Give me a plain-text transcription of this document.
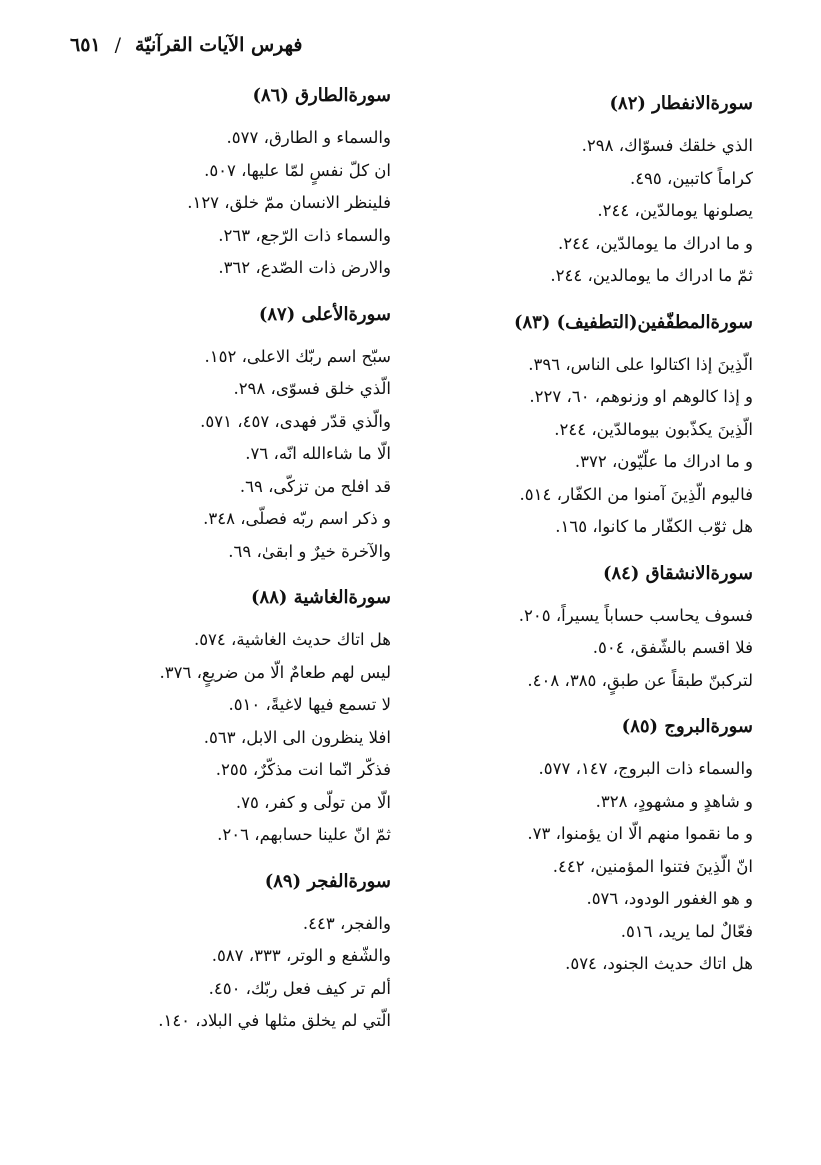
٦٥١ / فهرس الآيات القرآنيّة
سورةالانفطار (٨٢)
الذي خلقك فسوّاك، ٢٩٨.
كراماً كاتبين، ٤٩٥.
يصلونها يومالدّين، ٢٤٤.
و ما ادراك ما يومالدّين، ٢٤٤.
ثمّ ما ادراك ما يومالدين، ٢٤٤.
سورةالمطفّفين(التطفيف) (٨٣)
الّذِينَ إذا اكتالوا على الناس، ٣٩٦.
و إذا كالوهم او وزنوهم، ٦٠، ٢٢٧.
الّذِينَ يكذّبون بيومالدّين، ٢٤٤.
و ما ادراك ما علّيّون، ٣٧٢.
فاليوم الّذِينَ آمنوا من الكفّار، ٥١٤.
هل ثوّب الكفّار ما كانوا، ١٦٥.
سورةالانشقاق (٨٤)
فسوف يحاسب حساباً يسيراً، ٢٠٥.
فلا اقسم بالشّفق، ٥٠٤.
لتركبنّ طبقاً عن طبقٍ، ٣٨٥، ٤٠٨.
سورةالبروج (٨٥)
والسماء ذات البروج، ١٤٧، ٥٧٧.
و شاهدٍ و مشهودٍ، ٣٢٨.
و ما نقموا منهم الّا ان يؤمنوا، ٧٣.
انّ الّذِينَ فتنوا المؤمنين، ٤٤٢.
و هو الغفور الودود، ٥٧٦.
فعّالٌ لما يريد، ٥١٦.
هل اتاك حديث الجنود، ٥٧٤.
سورةالطارق (٨٦)
والسماء و الطارق، ٥٧٧.
ان كلّ نفسٍ لمّا عليها، ٥٠٧.
فلينظر الانسان ممّ خلق، ١٢٧.
والسماء ذات الرّجع، ٢٦٣.
والارض ذات الصّدع، ٣٦٢.
سورةالأعلى (٨٧)
سبّح اسم ربّك الاعلى، ١٥٢.
الّذي خلق فسوّى، ٢٩٨.
والّذي قدّر فهدى، ٤٥٧، ٥٧١.
الّا ما شاءالله انّه، ٧٦.
قد افلح من تزكّى، ٦٩.
و ذكر اسم ربّه فصلّى، ٣٤٨.
والآخرة خيرٌ و ابقىٰ، ٦٩.
سورةالغاشية (٨٨)
هل اتاك حديث الغاشية، ٥٧٤.
ليس لهم طعامٌ الّا من ضريعٍ، ٣٧٦.
لا تسمع فيها لاغيةً، ٥١٠.
افلا ينظرون الى الابل، ٥٦٣.
فذكّر انّما انت مذكّرٌ، ٢٥٥.
الّا من تولّى و كفر، ٧٥.
ثمّ انّ علينا حسابهم، ٢٠٦.
سورةالفجر (٨٩)
والفجر، ٤٤٣.
والشّفع و الوتر، ٣٣٣، ٥٨٧.
ألم تر كيف فعل ربّك، ٤٥٠.
الّتي لم يخلق مثلها في البلاد، ١٤٠.
